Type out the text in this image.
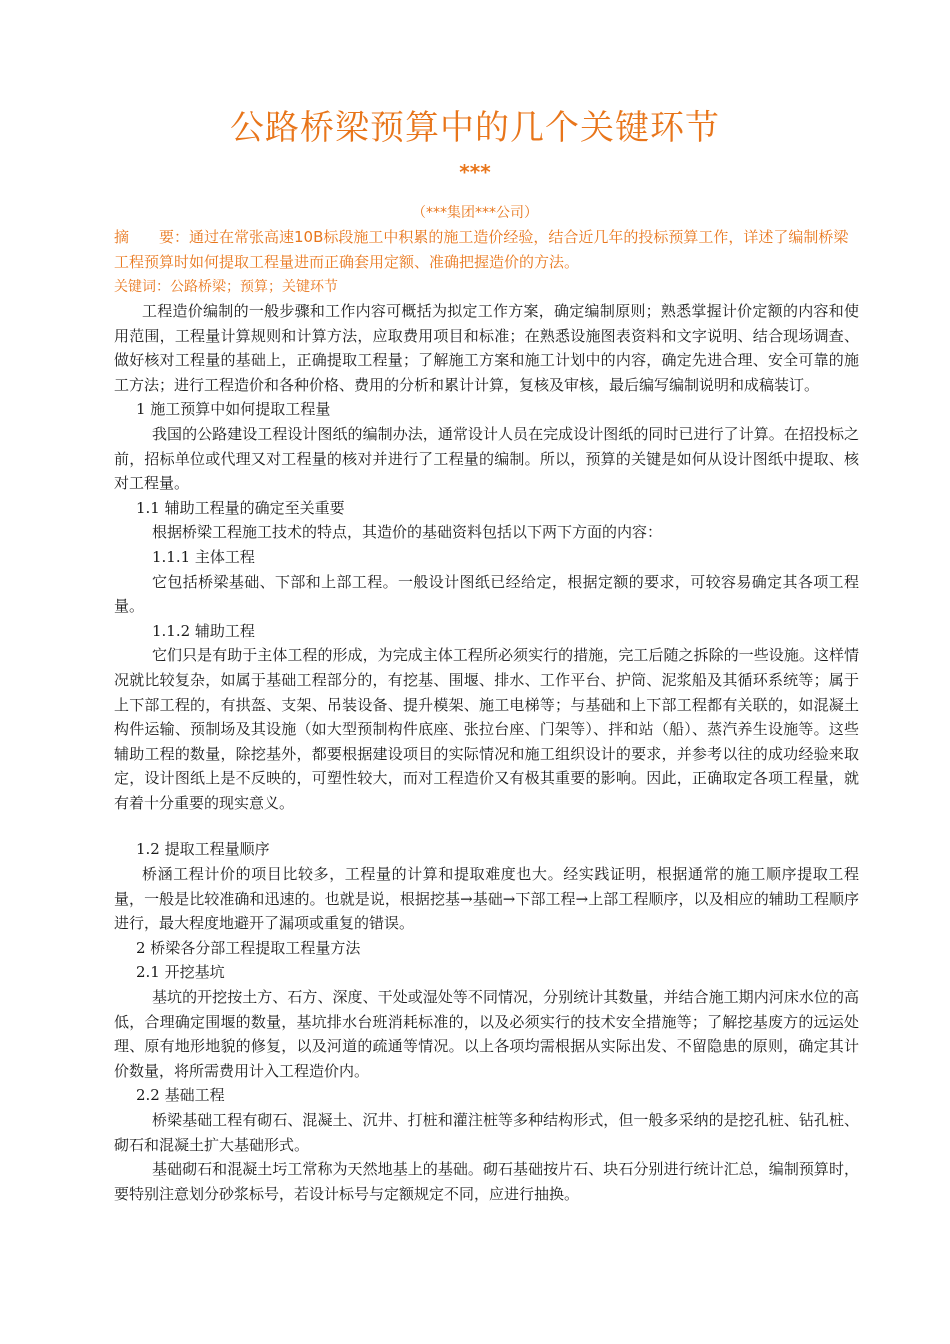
公路桥梁预算中的几个关键环节
***
（***集团***公司）
摘　　要：通过在常张高速10B标段施工中积累的施工造价经验，结合近几年的投标预算工作，详述了编制桥梁工程预算时如何提取工程量进而正确套用定额、准确把握造价的方法。
关键词：公路桥梁；预算；关键环节

工程造价编制的一般步骤和工作内容可概括为拟定工作方案，确定编制原则；熟悉掌握计价定额的内容和使用范围，工程量计算规则和计算方法，应取费用项目和标准；在熟悉设施图表资料和文字说明、结合现场调查、做好核对工程量的基础上，正确提取工程量；了解施工方案和施工计划中的内容，确定先进合理、安全可靠的施工方法；进行工程造价和各种价格、费用的分析和累计计算，复核及审核，最后编写编制说明和成稿装订。

1 施工预算中如何提取工程量

我国的公路建设工程设计图纸的编制办法，通常设计人员在完成设计图纸的同时已进行了计算。在招投标之前，招标单位或代理又对工程量的核对并进行了工程量的编制。所以，预算的关键是如何从设计图纸中提取、核对工程量。

1.1 辅助工程量的确定至关重要

根据桥梁工程施工技术的特点，其造价的基础资料包括以下两下方面的内容：

1.1.1 主体工程

它包括桥梁基础、下部和上部工程。一般设计图纸已经给定，根据定额的要求，可较容易确定其各项工程量。

1.1.2 辅助工程

它们只是有助于主体工程的形成，为完成主体工程所必须实行的措施，完工后随之拆除的一些设施。这样情况就比较复杂，如属于基础工程部分的，有挖基、围堰、排水、工作平台、护筒、泥浆船及其循环系统等；属于上下部工程的，有拱盔、支架、吊装设备、提升模架、施工电梯等；与基础和上下部工程都有关联的，如混凝土构件运输、预制场及其设施（如大型预制构件底座、张拉台座、门架等）、拌和站（船）、蒸汽养生设施等。这些辅助工程的数量，除挖基外，都要根据建设项目的实际情况和施工组织设计的要求，并参考以往的成功经验来取定，设计图纸上是不反映的，可塑性较大，而对工程造价又有极其重要的影响。因此，正确取定各项工程量，就有着十分重要的现实意义。

1.2 提取工程量顺序

桥涵工程计价的项目比较多，工程量的计算和提取难度也大。经实践证明，根据通常的施工顺序提取工程量，一般是比较准确和迅速的。也就是说，根据挖基→基础→下部工程→上部工程顺序，以及相应的辅助工程顺序进行，最大程度地避开了漏项或重复的错误。

2 桥梁各分部工程提取工程量方法

2.1 开挖基坑

基坑的开挖按土方、石方、深度、干处或湿处等不同情况，分别统计其数量，并结合施工期内河床水位的高低，合理确定围堰的数量，基坑排水台班消耗标准的，以及必须实行的技术安全措施等；了解挖基废方的远运处理、原有地形地貌的修复，以及河道的疏通等情况。以上各项均需根据从实际出发、不留隐患的原则，确定其计价数量，将所需费用计入工程造价内。

2.2 基础工程

桥梁基础工程有砌石、混凝土、沉井、打桩和灌注桩等多种结构形式，但一般多采纳的是挖孔桩、钻孔桩、砌石和混凝土扩大基础形式。

基础砌石和混凝土圬工常称为天然地基上的基础。砌石基础按片石、块石分别进行统计汇总，编制预算时，要特别注意划分砂浆标号，若设计标号与定额规定不同，应进行抽换。
